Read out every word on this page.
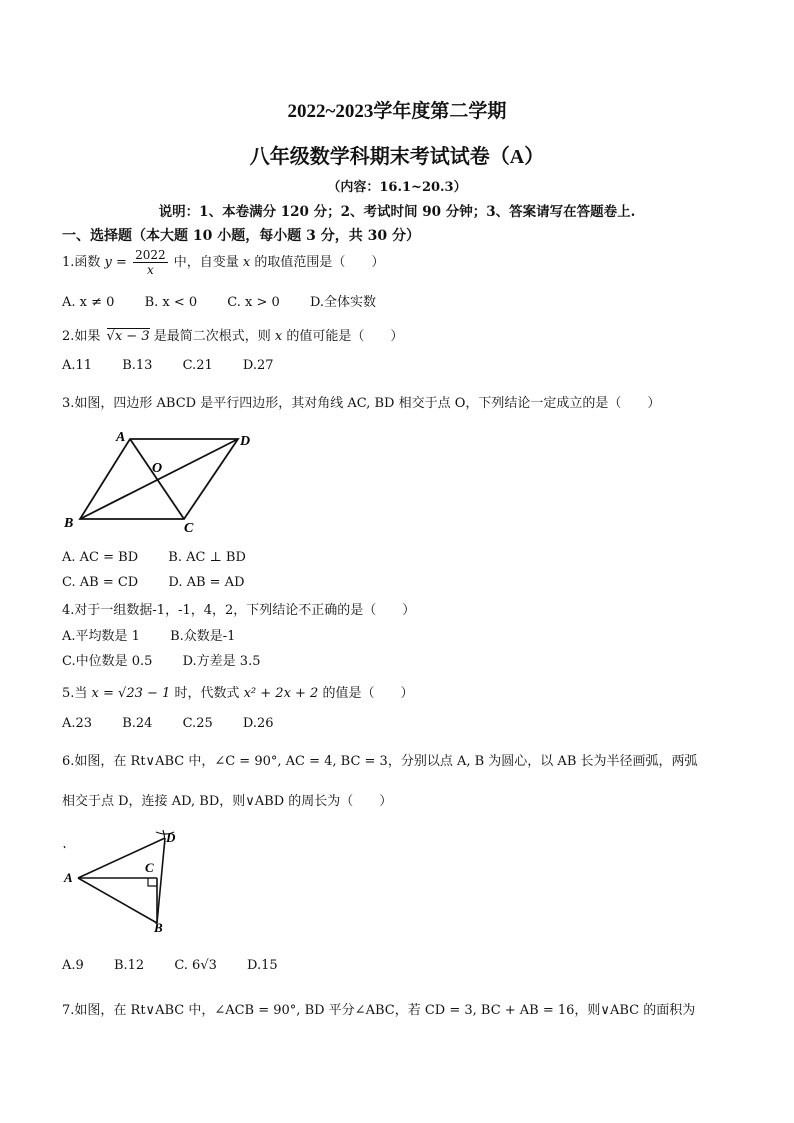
2022~2023学年度第二学期
八年级数学科期末考试试卷（A）
（内容：16.1~20.3）
说明：1、本卷满分 120 分；2、考试时间 90 分钟；3、答案请写在答题卷上.
一、选择题（本大题 10 小题，每小题 3 分，共 30 分）
1.函数 $y = \frac{2022}{x}$ 中，自变量 x 的取值范围是（　　）
A. x ≠ 0 B. x < 0 C. x > 0 D.全体实数
2.如果 √x − 3 是最简二次根式，则 x 的值可能是（　　）
A.11 B.13 C.21 D.27
3.如图，四边形 ABCD 是平行四边形，其对角线 AC, BD 相交于点 O，下列结论一定成立的是（　　）
A	D
O
B	C
A. AC = BD B. AC ⊥ BD
C. AB = CD D. AB = AD
4.对于一组数据-1，-1，4，2，下列结论不正确的是（　　）
A.平均数是 1 B.众数是-1
C.中位数是 0.5 D.方差是 3.5
5.当 x = √23 − 1 时，代数式 x² + 2x + 2 的值是（　　）
A.23 B.24 C.25 D.26
6.如图，在 Rt∨ABC 中，∠C = 90°, AC = 4, BC = 3，分别以点 A, B 为圆心，以 AB 长为半径画弧，两弧
相交于点 D，连接 AD, BD，则∨ABD 的周长为（　　）
D
C
A
B
A.9 B.12 C. 6√3 D.15
7.如图，在 Rt∨ABC 中，∠ACB = 90°, BD 平分∠ABC，若 CD = 3, BC + AB = 16，则∨ABC 的面积为
